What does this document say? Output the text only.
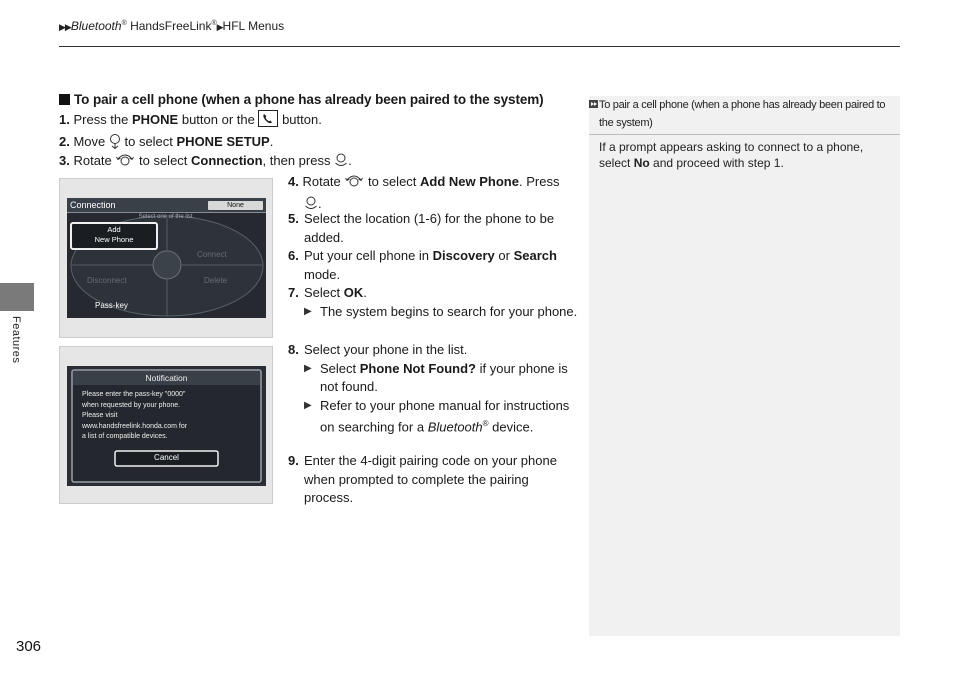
▶▶Bluetooth® HandsFreeLink®▶HFL Menus
Features
306
To pair a cell phone (when a phone has already been paired to the system)
1. Press the PHONE button or the  button.
2. Move  to select PHONE SETUP.
3. Rotate  to select Connection, then press .
Connection	None
Select one of the list.
Add
New Phone
Connect
Disconnect	Delete
Pass-key
Notification
Please enter the pass-key "0000"
when requested by your phone.
Please visit
www.handsfreelink.honda.com for
a list of compatible devices.
Cancel
4. Rotate  to select Add New Phone. Press
.
5. Select the location (1-6) for the phone to be added.
6. Put your cell phone in Discovery or Search mode.
7. Select OK.
▶ The system begins to search for your phone.
8. Select your phone in the list.
▶ Select Phone Not Found? if your phone is not found.
▶ Refer to your phone manual for instructions on searching for a Bluetooth® device.
9. Enter the 4-digit pairing code on your phone when prompted to complete the pairing process.
To pair a cell phone (when a phone has already been paired to the system)
If a prompt appears asking to connect to a phone, select No and proceed with step 1.
